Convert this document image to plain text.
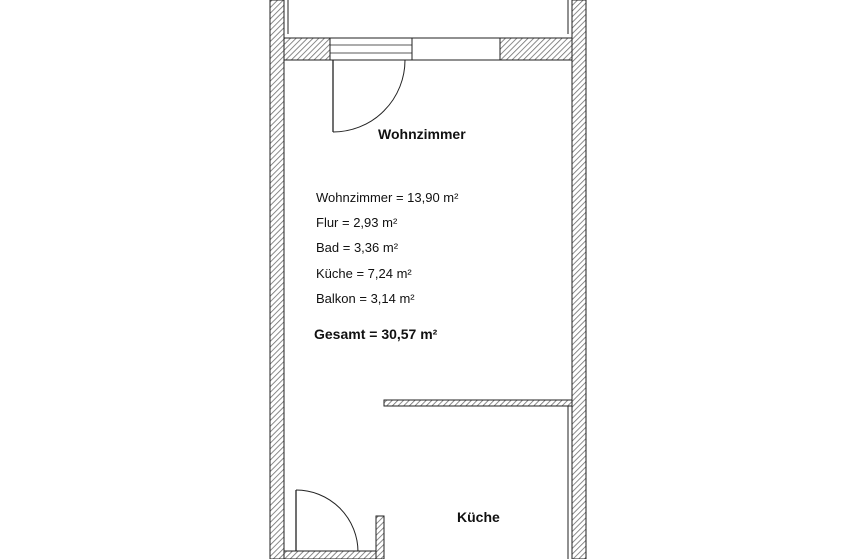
Wohnzimmer
Wohnzimmer = 13,90 m²
Flur = 2,93 m²
Bad = 3,36 m²
Küche = 7,24 m²
Balkon = 3,14 m²
Gesamt = 30,57 m²
Küche
